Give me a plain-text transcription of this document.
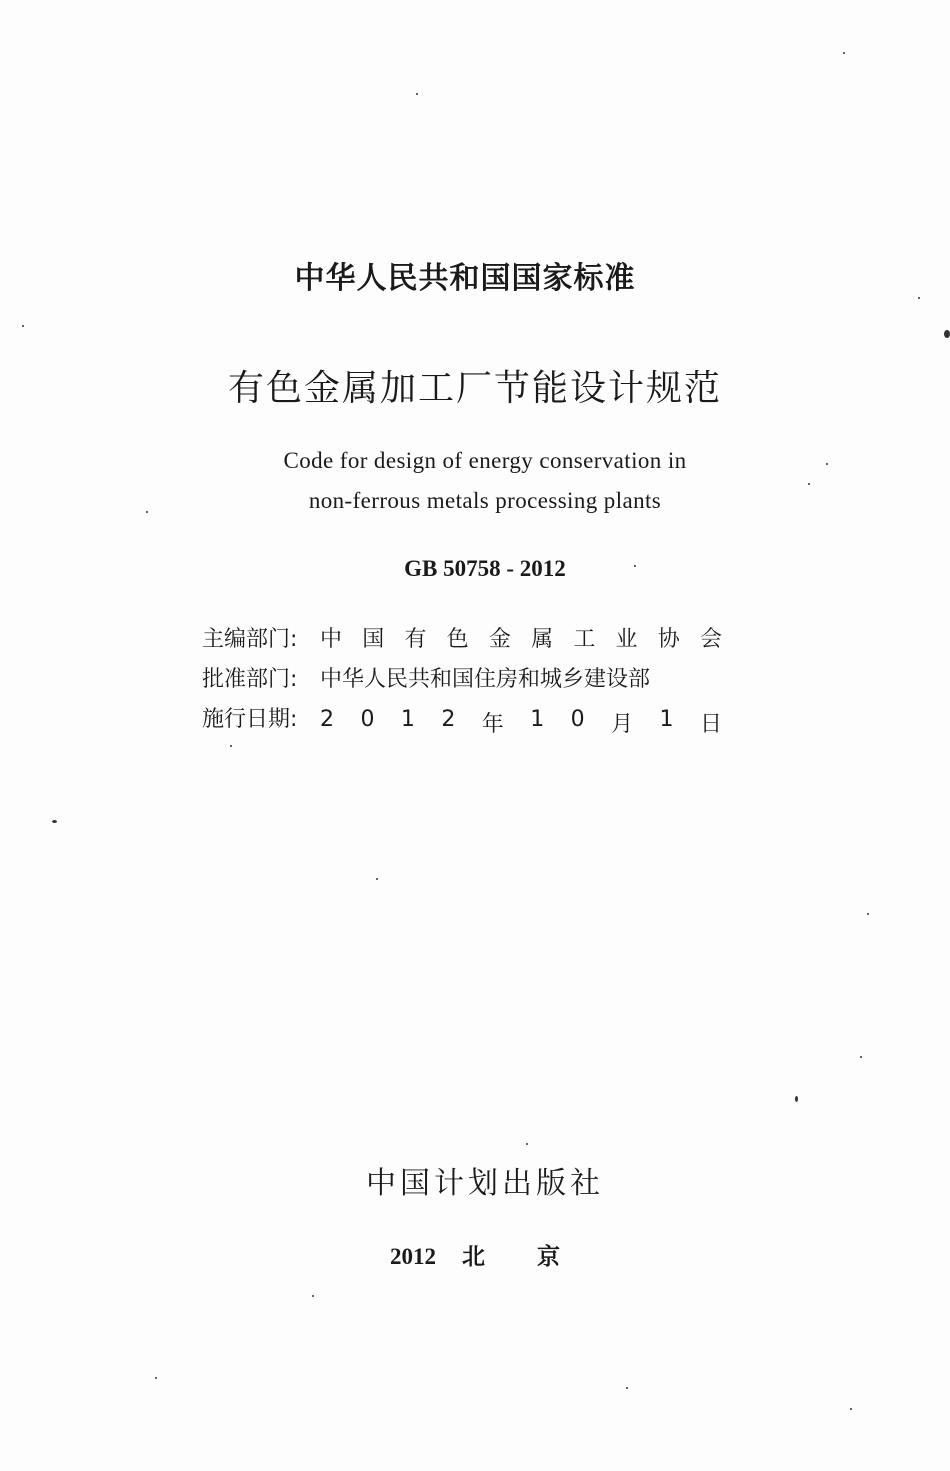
中华人民共和国国家标准
有色金属加工厂节能设计规范
Code for design of energy conservation in
non-ferrous metals processing plants
GB 50758 - 2012
主编部门:	中 国 有 色 金 属 工 业 协 会
批准部门:	中华人民共和国住房和城乡建设部
施行日期:	2 0 1 2 年 1 0 月 1 日
中国计划出版社
2012 北 京
